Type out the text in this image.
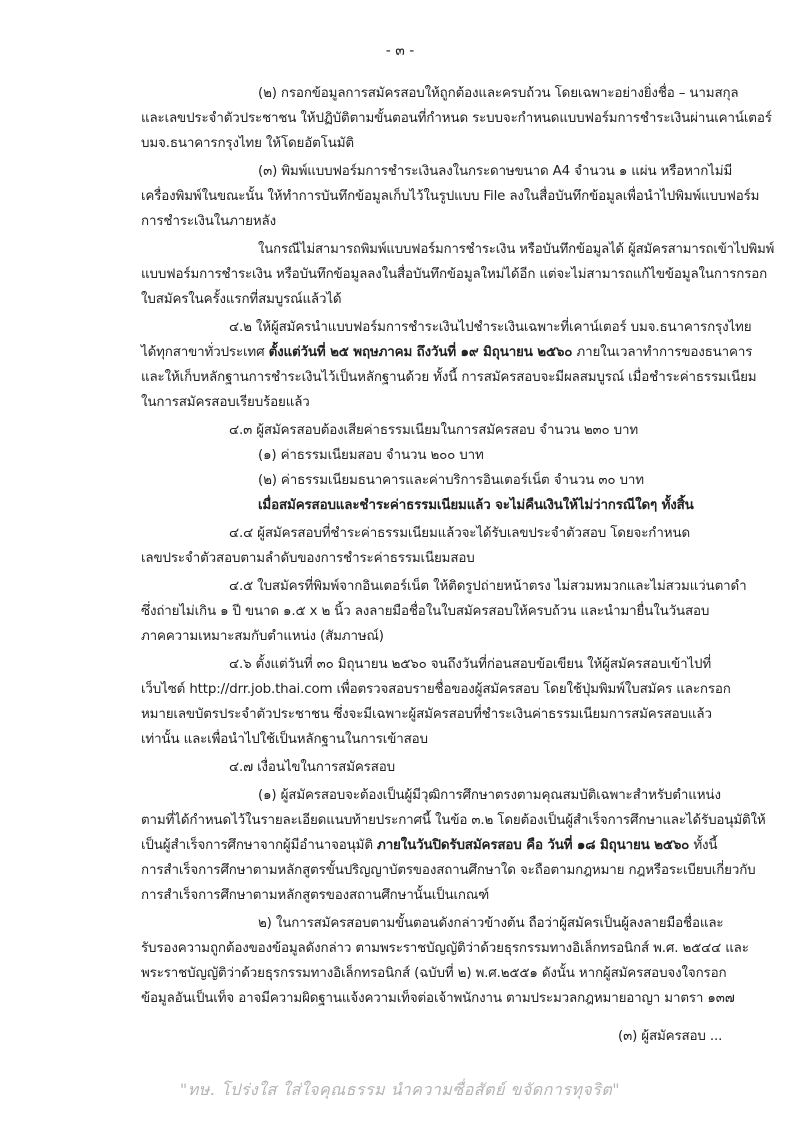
- ๓ -
(๒) กรอกข้อมูลการสมัครสอบให้ถูกต้องและครบถ้วน โดยเฉพาะอย่างยิ่งชื่อ – นามสกุล
และเลขประจำตัวประชาชน ให้ปฏิบัติตามขั้นตอนที่กำหนด ระบบจะกำหนดแบบฟอร์มการชำระเงินผ่านเคาน์เตอร์
บมจ.ธนาคารกรุงไทย ให้โดยอัตโนมัติ
(๓) พิมพ์แบบฟอร์มการชำระเงินลงในกระดาษขนาด A4 จำนวน ๑ แผ่น หรือหากไม่มี
เครื่องพิมพ์ในขณะนั้น ให้ทำการบันทึกข้อมูลเก็บไว้ในรูปแบบ File ลงในสื่อบันทึกข้อมูลเพื่อนำไปพิมพ์แบบฟอร์ม
การชำระเงินในภายหลัง
ในกรณีไม่สามารถพิมพ์แบบฟอร์มการชำระเงิน หรือบันทึกข้อมูลได้ ผู้สมัครสามารถเข้าไปพิมพ์
แบบฟอร์มการชำระเงิน หรือบันทึกข้อมูลลงในสื่อบันทึกข้อมูลใหม่ได้อีก แต่จะไม่สามารถแก้ไขข้อมูลในการกรอก
ใบสมัครในครั้งแรกที่สมบูรณ์แล้วได้
๔.๒ ให้ผู้สมัครนำแบบฟอร์มการชำระเงินไปชำระเงินเฉพาะที่เคาน์เตอร์ บมจ.ธนาคารกรุงไทย
ได้ทุกสาขาทั่วประเทศ ตั้งแต่วันที่ ๒๕ พฤษภาคม ถึงวันที่ ๑๙ มิถุนายน ๒๕๖๐ ภายในเวลาทำการของธนาคาร
และให้เก็บหลักฐานการชำระเงินไว้เป็นหลักฐานด้วย ทั้งนี้ การสมัครสอบจะมีผลสมบูรณ์ เมื่อชำระค่าธรรมเนียม
ในการสมัครสอบเรียบร้อยแล้ว
๔.๓ ผู้สมัครสอบต้องเสียค่าธรรมเนียมในการสมัครสอบ จำนวน ๒๓๐ บาท
(๑) ค่าธรรมเนียมสอบ จำนวน ๒๐๐ บาท
(๒) ค่าธรรมเนียมธนาคารและค่าบริการอินเตอร์เน็ต จำนวน ๓๐ บาท
เมื่อสมัครสอบและชำระค่าธรรมเนียมแล้ว จะไม่คืนเงินให้ไม่ว่ากรณีใดๆ ทั้งสิ้น
๔.๔ ผู้สมัครสอบที่ชำระค่าธรรมเนียมแล้วจะได้รับเลขประจำตัวสอบ โดยจะกำหนด
เลขประจำตัวสอบตามลำดับของการชำระค่าธรรมเนียมสอบ
๔.๕ ใบสมัครที่พิมพ์จากอินเตอร์เน็ต ให้ติดรูปถ่ายหน้าตรง ไม่สวมหมวกและไม่สวมแว่นตาดำ
ซึ่งถ่ายไม่เกิน ๑ ปี ขนาด ๑.๕ x ๒ นิ้ว ลงลายมือชื่อในใบสมัครสอบให้ครบถ้วน และนำมายื่นในวันสอบ
ภาคความเหมาะสมกับตำแหน่ง (สัมภาษณ์)
๔.๖ ตั้งแต่วันที่ ๓๐ มิถุนายน ๒๕๖๐ จนถึงวันที่ก่อนสอบข้อเขียน ให้ผู้สมัครสอบเข้าไปที่
เว็บไซต์ http://drr.job.thai.com เพื่อตรวจสอบรายชื่อของผู้สมัครสอบ โดยใช้ปุ่มพิมพ์ใบสมัคร และกรอก
หมายเลขบัตรประจำตัวประชาชน ซึ่งจะมีเฉพาะผู้สมัครสอบที่ชำระเงินค่าธรรมเนียมการสมัครสอบแล้ว
เท่านั้น และเพื่อนำไปใช้เป็นหลักฐานในการเข้าสอบ
๔.๗ เงื่อนไขในการสมัครสอบ
(๑) ผู้สมัครสอบจะต้องเป็นผู้มีวุฒิการศึกษาตรงตามคุณสมบัติเฉพาะสำหรับตำแหน่ง
ตามที่ได้กำหนดไว้ในรายละเอียดแนบท้ายประกาศนี้ ในข้อ ๓.๒ โดยต้องเป็นผู้สำเร็จการศึกษาและได้รับอนุมัติให้
เป็นผู้สำเร็จการศึกษาจากผู้มีอำนาจอนุมัติ ภายในวันปิดรับสมัครสอบ คือ วันที่ ๑๘ มิถุนายน ๒๕๖๐ ทั้งนี้
การสำเร็จการศึกษาตามหลักสูตรขั้นปริญญาบัตรของสถานศึกษาใด จะถือตามกฎหมาย กฎหรือระเบียบเกี่ยวกับ
การสำเร็จการศึกษาตามหลักสูตรของสถานศึกษานั้นเป็นเกณฑ์
๒) ในการสมัครสอบตามขั้นตอนดังกล่าวข้างต้น ถือว่าผู้สมัครเป็นผู้ลงลายมือชื่อและ
รับรองความถูกต้องของข้อมูลดังกล่าว ตามพระราชบัญญัติว่าด้วยธุรกรรมทางอิเล็กทรอนิกส์ พ.ศ. ๒๕๔๔ และ
พระราชบัญญัติว่าด้วยธุรกรรมทางอิเล็กทรอนิกส์ (ฉบับที่ ๒) พ.ศ.๒๕๕๑ ดังนั้น หากผู้สมัครสอบจงใจกรอก
ข้อมูลอันเป็นเท็จ อาจมีความผิดฐานแจ้งความเท็จต่อเจ้าพนักงาน ตามประมวลกฎหมายอาญา มาตรา ๑๓๗
(๓) ผู้สมัครสอบ ...
"ทษ. โปร่งใส ใส่ใจคุณธรรม นำความซื่อสัตย์ ขจัดการทุจริต"
